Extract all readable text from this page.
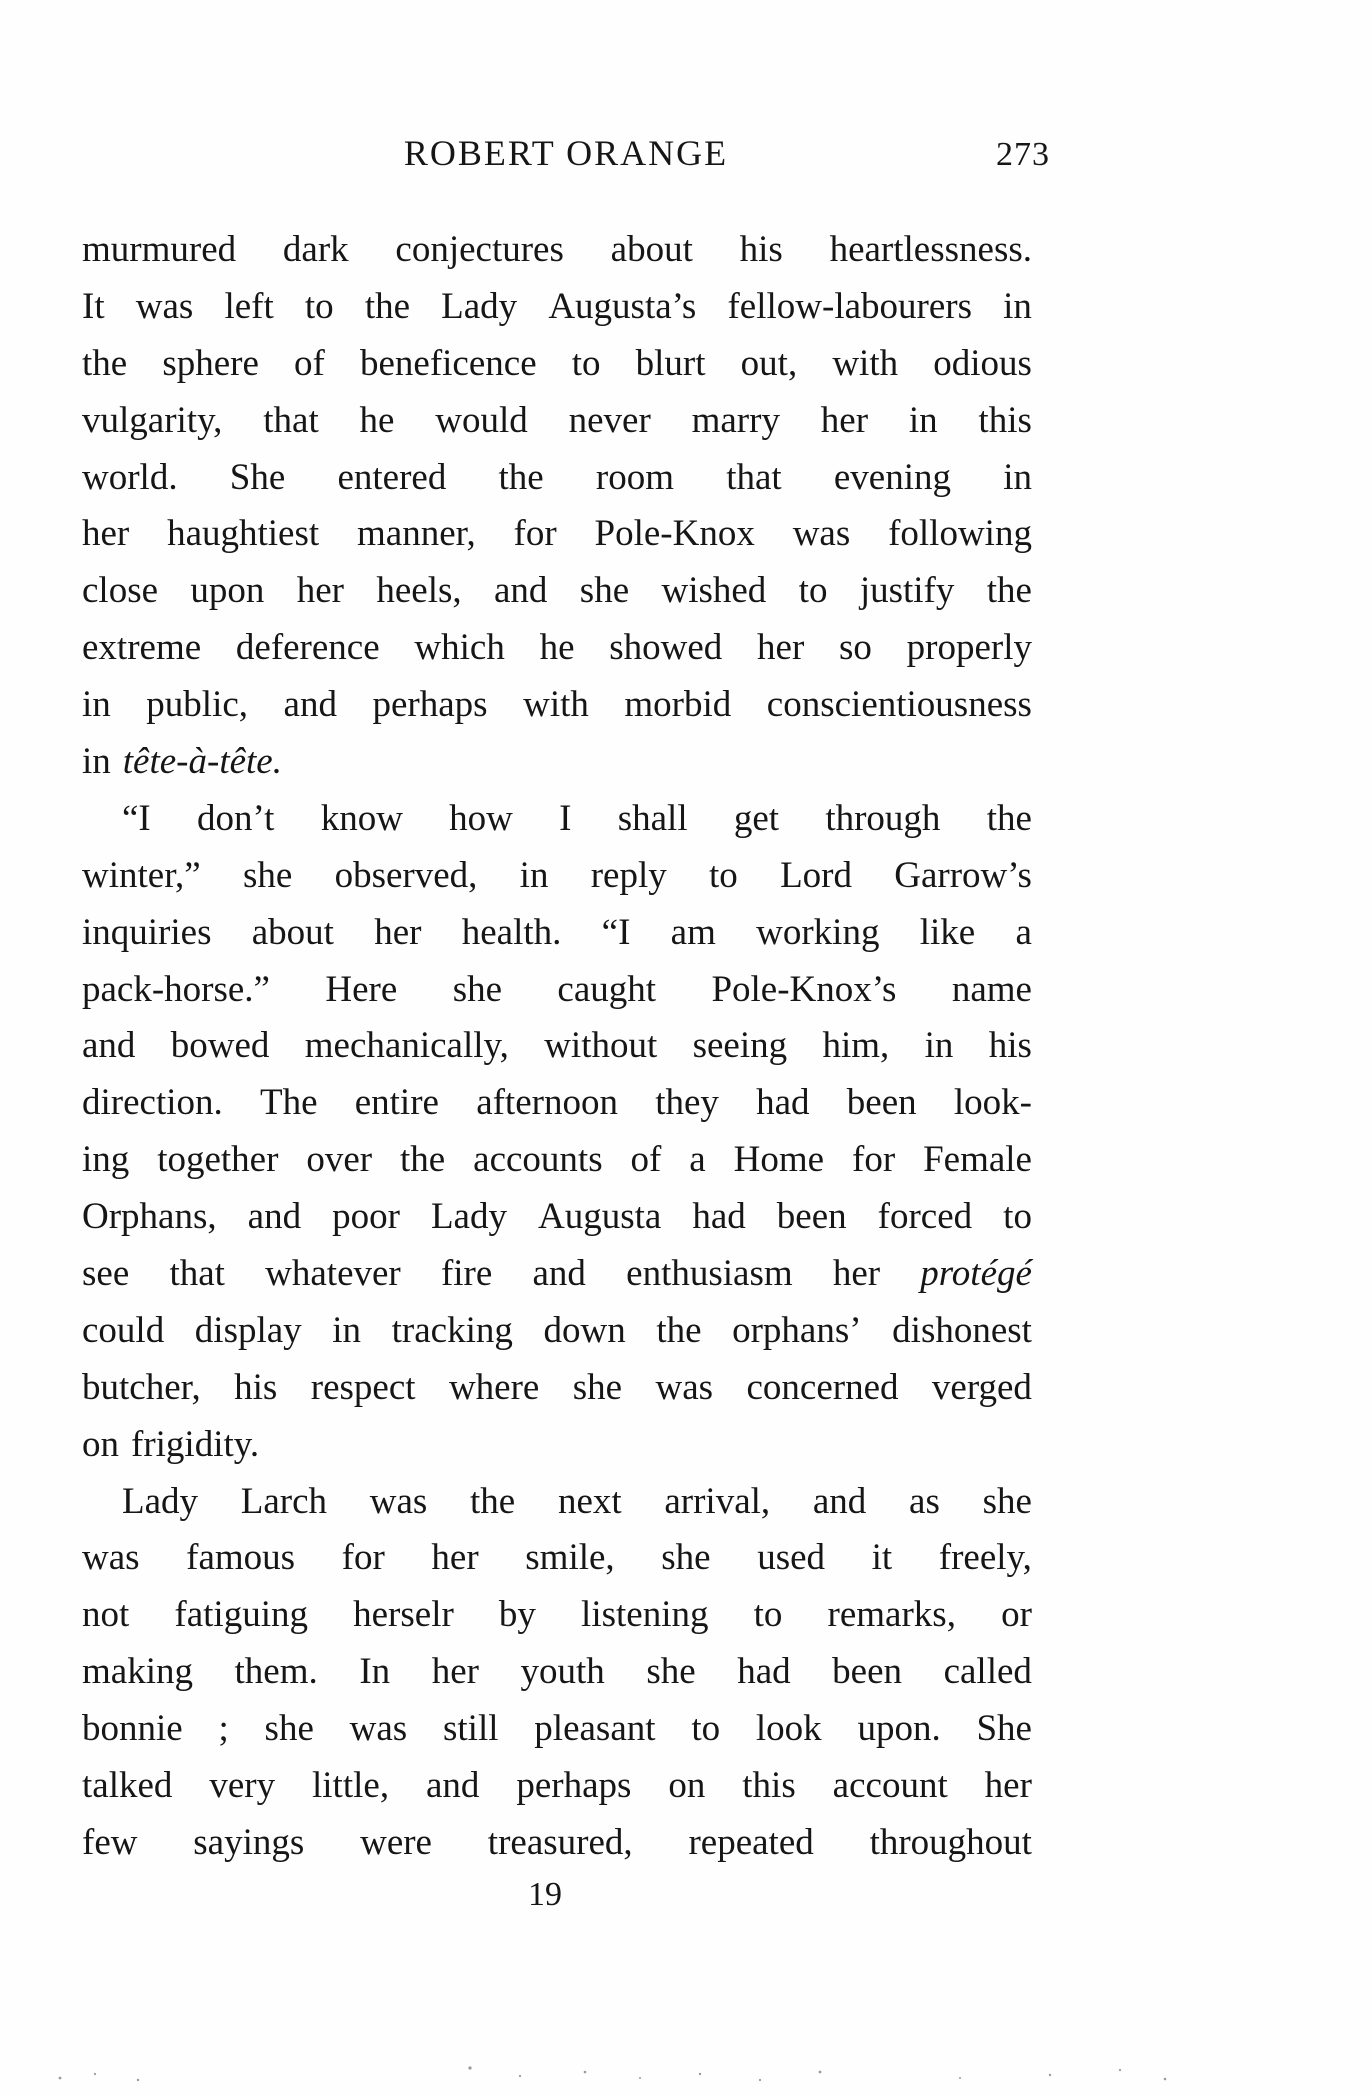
ROBERT ORANGE	273
murmured dark conjectures about his heartlessness.
It was left to the Lady Augusta’s fellow-labourers in
the sphere of beneficence to blurt out, with odious
vulgarity, that he would never marry her in this
world. She entered the room that evening in
her haughtiest manner, for Pole-Knox was following
close upon her heels, and she wished to justify the
extreme deference which he showed her so properly
in public, and perhaps with morbid conscientiousness
in tête-à-tête.
“I don’t know how I shall get through the
winter,” she observed, in reply to Lord Garrow’s
inquiries about her health. “I am working like a
pack-horse.” Here she caught Pole-Knox’s name
and bowed mechanically, without seeing him, in his
direction. The entire afternoon they had been look-
ing together over the accounts of a Home for Female
Orphans, and poor Lady Augusta had been forced to
see that whatever fire and enthusiasm her protégé
could display in tracking down the orphans’ dishonest
butcher, his respect where she was concerned verged
on frigidity.
Lady Larch was the next arrival, and as she
was famous for her smile, she used it freely,
not fatiguing herselr by listening to remarks, or
making them. In her youth she had been called
bonnie ; she was still pleasant to look upon. She
talked very little, and perhaps on this account her
few sayings were treasured, repeated throughout
19
